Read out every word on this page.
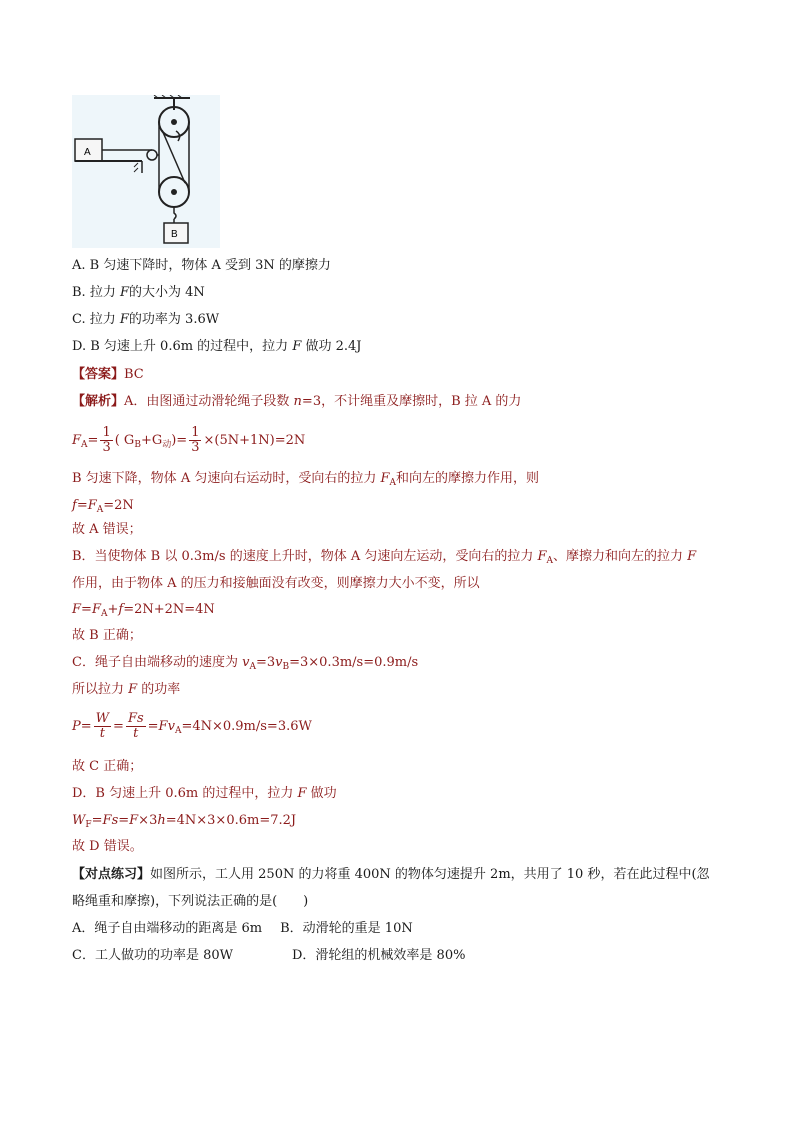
A
B
A. B 匀速下降时，物体 A 受到 3N 的摩擦力
B. 拉力 F的大小为 4N
C. 拉力 F的功率为 3.6W
D. B 匀速上升 0.6m 的过程中，拉力 F 做功 2.4J
【答案】BC
【解析】A．由图通过动滑轮绳子段数 n=3，不计绳重及摩擦时，B 拉 A 的力
$F_A= \frac{1}{3}$ ( $G_B+G_动)= \frac{1}{3} \times(5N+1N)=2N$
B 匀速下降，物体 A 匀速向右运动时，受向右的拉力 $F_A$和向左的摩擦力作用，则
$f=F_A=2N$
故 A 错误；
B．当使物体 B 以 0.3m/s 的速度上升时，物体 A 匀速向左运动，受向右的拉力 $F_A$、摩擦力和向左的拉力 F
作用，由于物体 A 的压力和接触面没有改变，则摩擦力大小不变，所以
$F=F_A+f=2N+2N=4N$
故 B 正确；
C．绳子自由端移动的速度为 $v_A=3v_B=3\times 0.3m/s=0.9m/s$
所以拉力 F 的功率
$P= \frac{W}{t} = \frac{Fs}{t} =Fv_A=4N\times 0.9m/s=3.6W$
故 C 正确；
D．B 匀速上升 0.6m 的过程中，拉力 F 做功
$W_F=Fs=F\times 3h=4N\times 3\times 0.6m=7.2J$
故 D 错误。
【对点练习】如图所示，工人用 250N 的力将重 400N 的物体匀速提升 2m，共用了 10 秒，若在此过程中(忽
略绳重和摩擦)，下列说法正确的是(　　)
A．绳子自由端移动的距离是 6m B．动滑轮的重是 10N
C．工人做功的功率是 80W	D．滑轮组的机械效率是 80%
